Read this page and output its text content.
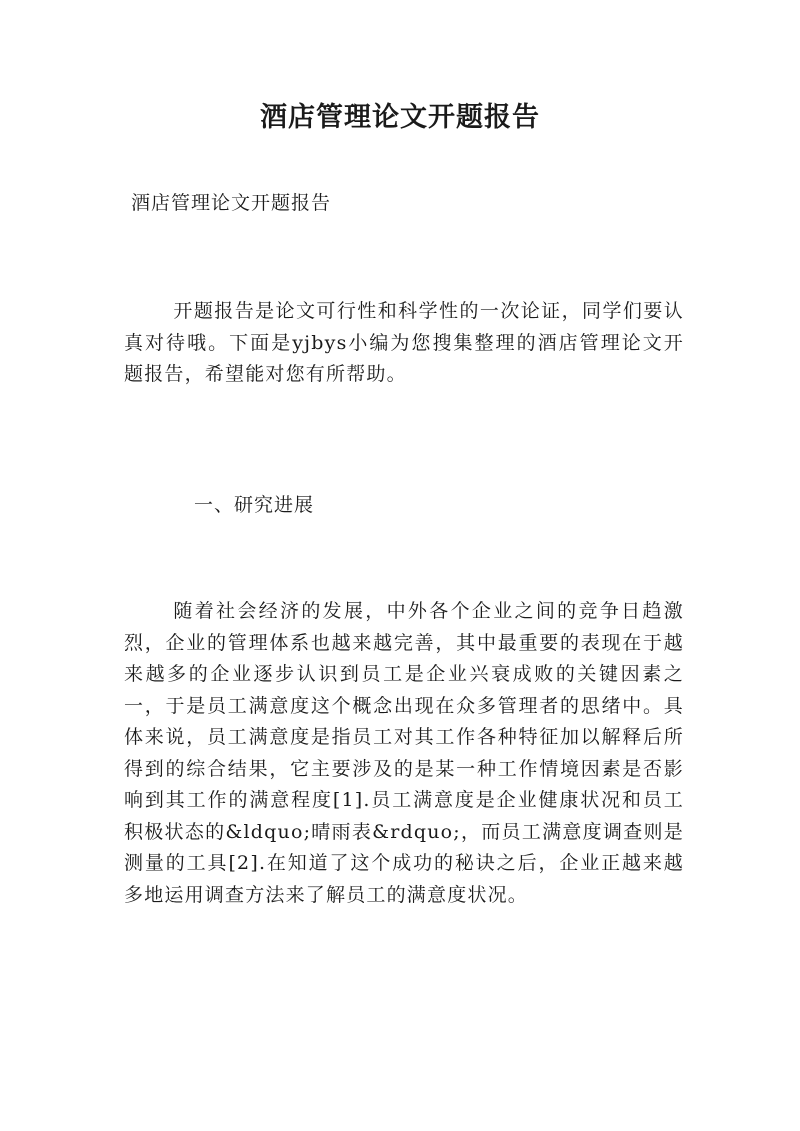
酒店管理论文开题报告
酒店管理论文开题报告

开题报告是论文可行性和科学性的一次论证，同学们要认真对待哦。下面是yjbys小编为您搜集整理的酒店管理论文开题报告，希望能对您有所帮助。

一、研究进展

随着社会经济的发展，中外各个企业之间的竞争日趋激烈，企业的管理体系也越来越完善，其中最重要的表现在于越来越多的企业逐步认识到员工是企业兴衰成败的关键因素之一，于是员工满意度这个概念出现在众多管理者的思绪中。具体来说，员工满意度是指员工对其工作各种特征加以解释后所得到的综合结果，它主要涉及的是某一种工作情境因素是否影响到其工作的满意程度[1].员工满意度是企业健康状况和员工积极状态的&ldquo;晴雨表&rdquo;，而员工满意度调查则是测量的工具[2].在知道了这个成功的秘诀之后，企业正越来越多地运用调查方法来了解员工的满意度状况。
